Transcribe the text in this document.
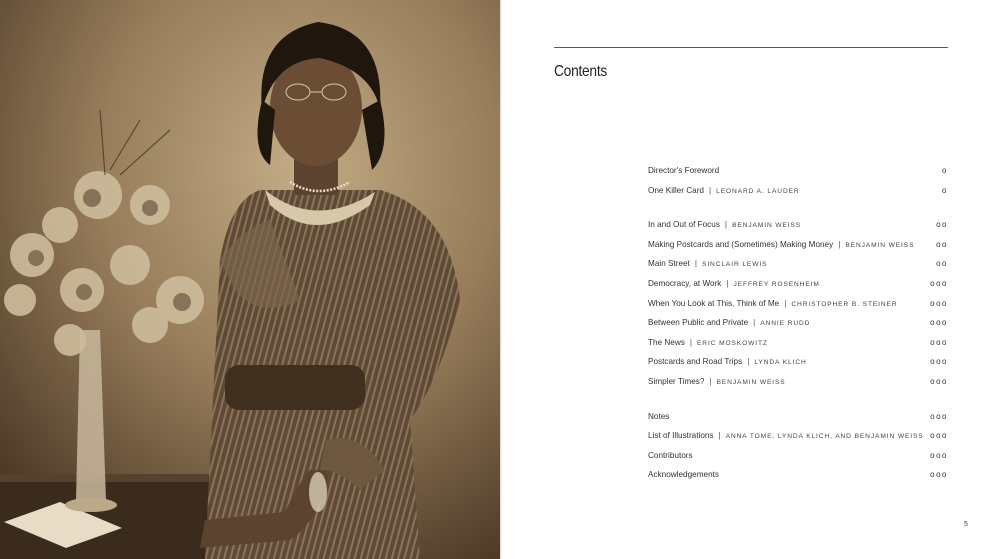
Contents
Director's Foreword	o
One Killer Card | LEONARD A. LAUDER	o
In and Out of Focus | BENJAMIN WEISS	oo
Making Postcards and (Sometimes) Making Money | BENJAMIN WEISS	oo
Main Street | SINCLAIR LEWIS	oo
Democracy, at Work | JEFFREY ROSENHEIM	ooo
When You Look at This, Think of Me | CHRISTOPHER B. STEINER	ooo
Between Public and Private | ANNIE RUDD	ooo
The News | ERIC MOSKOWITZ	ooo
Postcards and Road Trips | LYNDA KLICH	ooo
Simpler Times? | BENJAMIN WEISS	ooo
Notes	ooo
List of Illustrations | ANNA TOME, LYNDA KLICH, AND BENJAMIN WEISS ooo
Contributors	ooo
Acknowledgements	ooo
5
